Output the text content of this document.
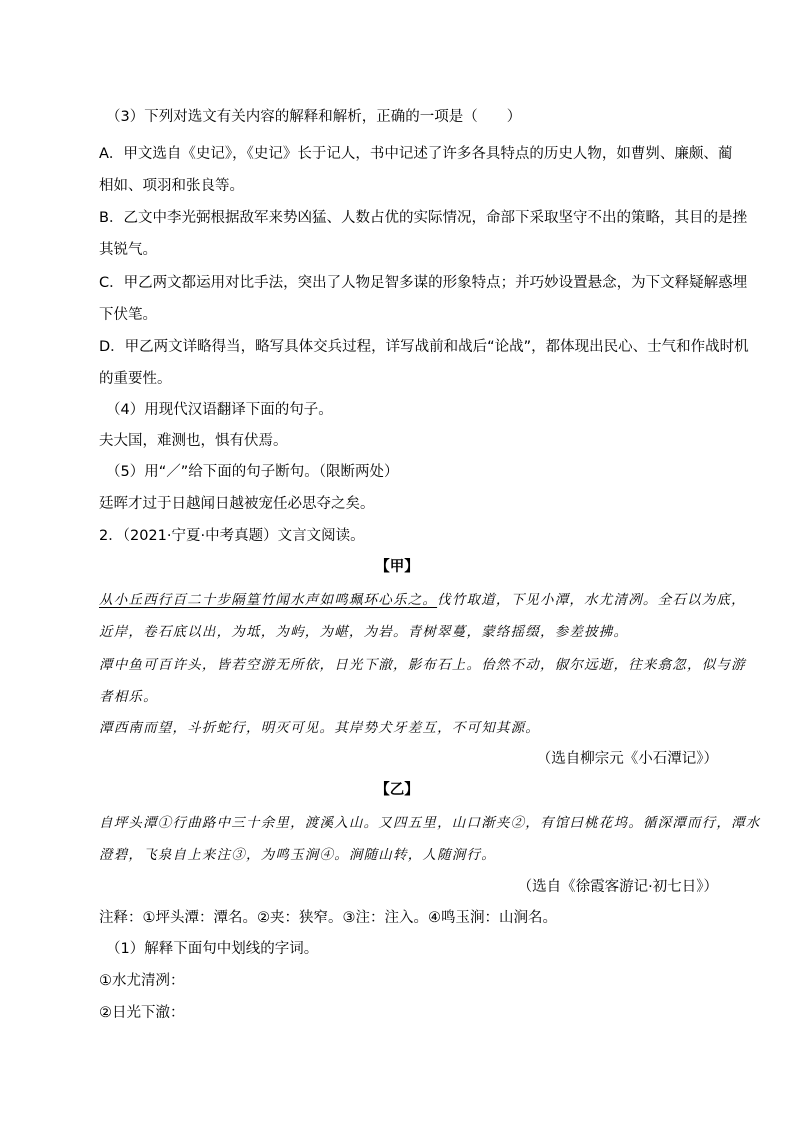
（3）下列对选文有关内容的解释和解析，正确的一项是（　　）
A．甲文选自《史记》，《史记》长于记人，书中记述了许多各具特点的历史人物，如曹刿、廉颇、蔺
相如、项羽和张良等。
B．乙文中李光弼根据敌军来势凶猛、人数占优的实际情况，命部下采取坚守不出的策略，其目的是挫
其锐气。
C．甲乙两文都运用对比手法，突出了人物足智多谋的形象特点；并巧妙设置悬念，为下文释疑解惑埋
下伏笔。
D．甲乙两文详略得当，略写具体交兵过程，详写战前和战后“论战”，都体现出民心、士气和作战时机
的重要性。
（4）用现代汉语翻译下面的句子。
夫大国，难测也，惧有伏焉。
（5）用“／”给下面的句子断句。（限断两处）
廷晖才过于日越闻日越被宠任必思夺之矣。
2．（2021·宁夏·中考真题）文言文阅读。
【甲】
从小丘西行百二十步隔篁竹闻水声如鸣珮环心乐之。伐竹取道，下见小潭，水尤清冽。全石以为底，
近岸，卷石底以出，为坻，为屿，为嵁，为岩。青树翠蔓，蒙络摇缀，参差披拂。
潭中鱼可百许头，皆若空游无所依，日光下澈，影布石上。佁然不动，俶尔远逝，往来翕忽，似与游
者相乐。
潭西南而望，斗折蛇行，明灭可见。其岸势犬牙差互，不可知其源。
（选自柳宗元《小石潭记》）
【乙】
自坪头潭①行曲路中三十余里，渡溪入山。又四五里，山口渐夹②，有馆曰桃花坞。循深潭而行，潭水
澄碧，飞泉自上来注③，为鸣玉涧④。涧随山转，人随涧行。
（选自《徐霞客游记·初七日》）
注释：①坪头潭：潭名。②夹：狭窄。③注：注入。④鸣玉涧：山涧名。
（1）解释下面句中划线的字词。
①水尤清冽：
②日光下澈：
